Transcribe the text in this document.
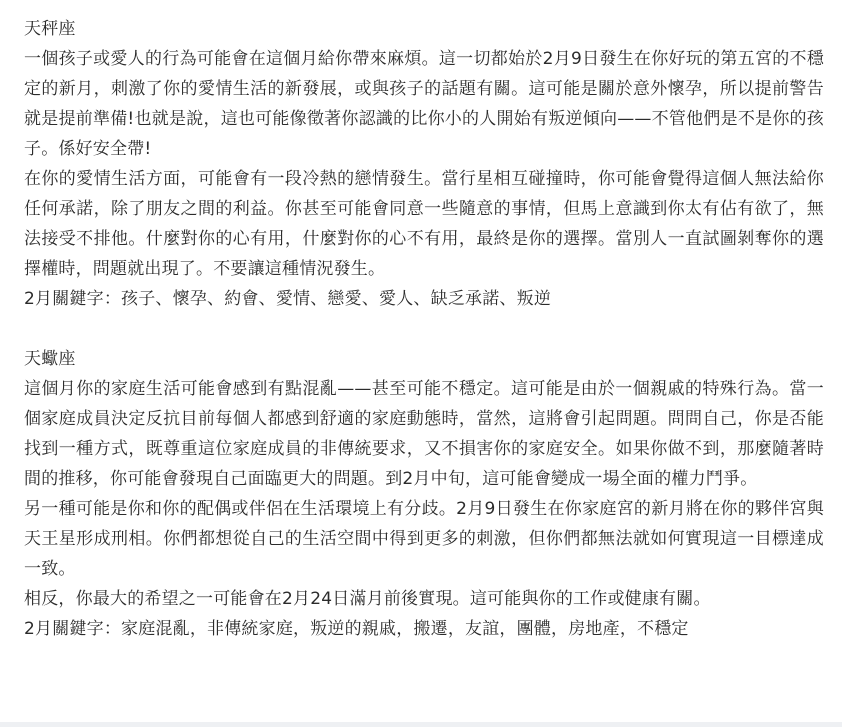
天秤座

一個孩子或愛人的行為可能會在這個月給你帶來麻煩。這一切都始於2月9日發生在你好玩的第五宮的不穩定的新月，刺激了你的愛情生活的新發展，或與孩子的話題有關。這可能是關於意外懷孕，所以提前警告就是提前準備!也就是說，這也可能像徵著你認識的比你小的人開始有叛逆傾向——不管他們是不是你的孩子。係好安全帶!

在你的愛情生活方面，可能會有一段冷熱的戀情發生。當行星相互碰撞時，你可能會覺得這個人無法給你任何承諾，除了朋友之間的利益。你甚至可能會同意一些隨意的事情，但馬上意識到你太有佔有欲了，無法接受不排他。什麼對你的心有用，什麼對你的心不有用，最終是你的選擇。當別人一直試圖剝奪你的選擇權時，問題就出現了。不要讓這種情況發生。

2月關鍵字：孩子、懷孕、約會、愛情、戀愛、愛人、缺乏承諾、叛逆

天蠍座

這個月你的家庭生活可能會感到有點混亂——甚至可能不穩定。這可能是由於一個親戚的特殊行為。當一個家庭成員決定反抗目前每個人都感到舒適的家庭動態時，當然，這將會引起問題。問問自己，你是否能找到一種方式，既尊重這位家庭成員的非傳統要求，又不損害你的家庭安全。如果你做不到，那麼隨著時間的推移，你可能會發現自己面臨更大的問題。到2月中旬，這可能會變成一場全面的權力鬥爭。

另一種可能是你和你的配偶或伴侶在生活環境上有分歧。2月9日發生在你家庭宮的新月將在你的夥伴宮與天王星形成刑相。你們都想從自己的生活空間中得到更多的刺激，但你們都無法就如何實現這一目標達成一致。

相反，你最大的希望之一可能會在2月24日滿月前後實現。這可能與你的工作或健康有關。

2月關鍵字：家庭混亂，非傳統家庭，叛逆的親戚，搬遷，友誼，團體，房地產，不穩定
